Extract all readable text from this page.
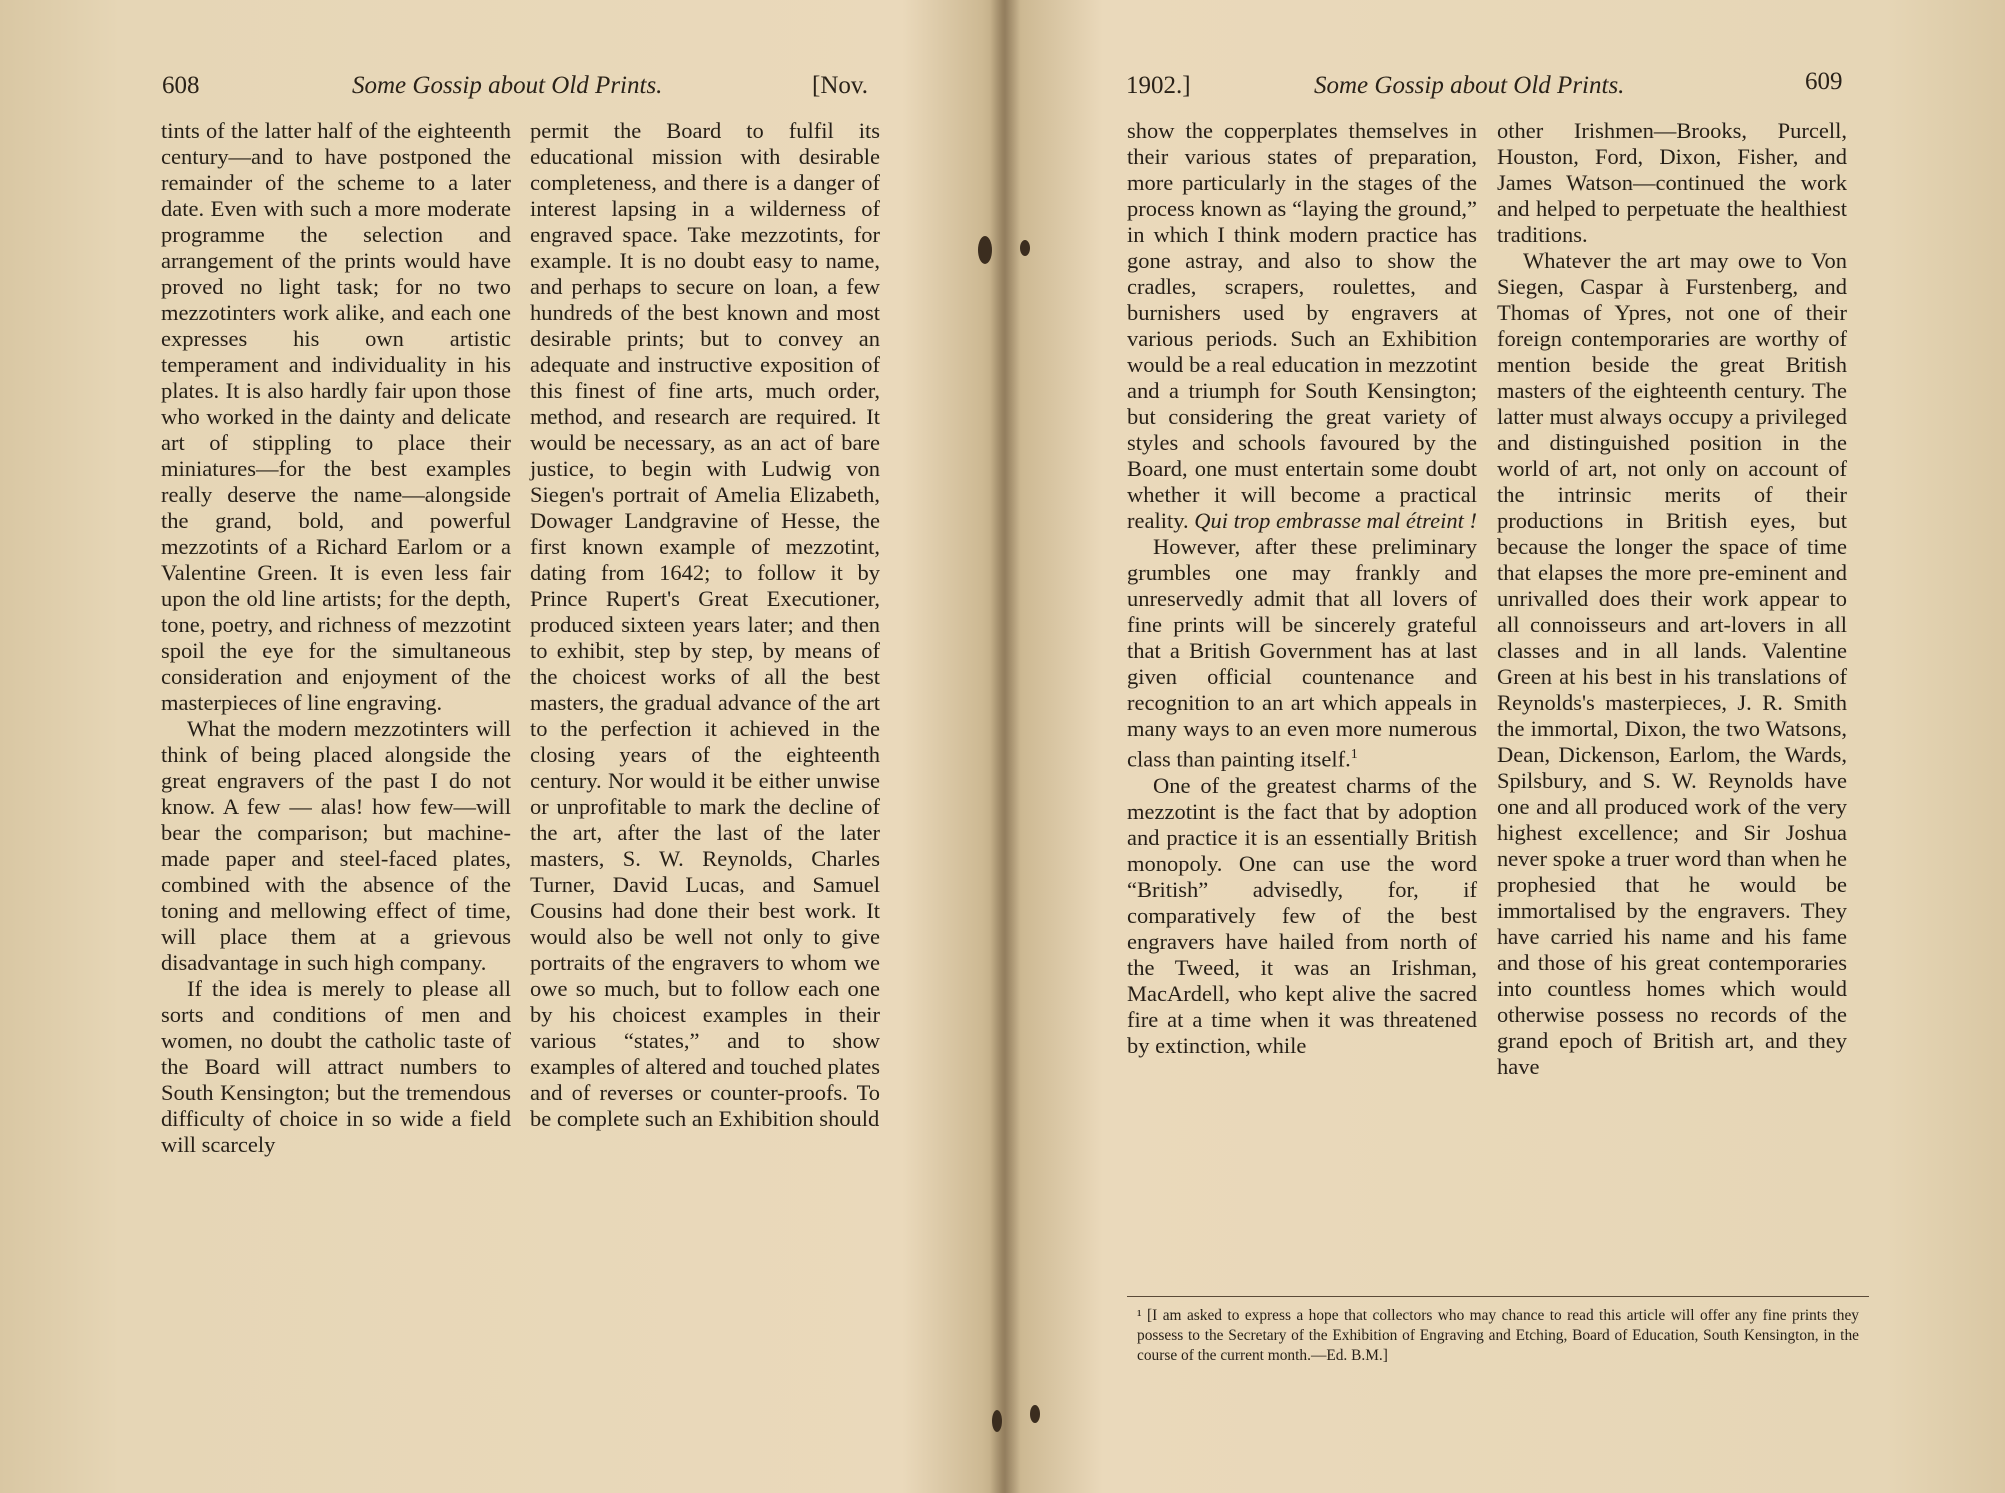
608	Some Gossip about Old Prints.	[Nov.

tints of the latter half of the eighteenth century—and to have postponed the remainder of the scheme to a later date. Even with such a more moderate programme the selection and arrangement of the prints would have proved no light task; for no two mezzotinters work alike, and each one expresses his own artistic temperament and individuality in his plates. It is also hardly fair upon those who worked in the dainty and delicate art of stippling to place their miniatures—for the best examples really deserve the name—alongside the grand, bold, and powerful mezzotints of a Richard Earlom or a Valentine Green. It is even less fair upon the old line artists; for the depth, tone, poetry, and richness of mezzotint spoil the eye for the simultaneous consideration and enjoyment of the masterpieces of line engraving.

What the modern mezzotinters will think of being placed alongside the great engravers of the past I do not know. A few — alas! how few—will bear the comparison; but machine-made paper and steel-faced plates, combined with the absence of the toning and mellowing effect of time, will place them at a grievous disadvantage in such high company.

If the idea is merely to please all sorts and conditions of men and women, no doubt the catholic taste of the Board will attract numbers to South Kensington; but the tremendous difficulty of choice in so wide a field will scarcely

permit the Board to fulfil its educational mission with desirable completeness, and there is a danger of interest lapsing in a wilderness of engraved space. Take mezzotints, for example. It is no doubt easy to name, and perhaps to secure on loan, a few hundreds of the best known and most desirable prints; but to convey an adequate and instructive exposition of this finest of fine arts, much order, method, and research are required. It would be necessary, as an act of bare justice, to begin with Ludwig von Siegen's portrait of Amelia Elizabeth, Dowager Landgravine of Hesse, the first known example of mezzotint, dating from 1642; to follow it by Prince Rupert's Great Executioner, produced sixteen years later; and then to exhibit, step by step, by means of the choicest works of all the best masters, the gradual advance of the art to the perfection it achieved in the closing years of the eighteenth century. Nor would it be either unwise or unprofitable to mark the decline of the art, after the last of the later masters, S. W. Reynolds, Charles Turner, David Lucas, and Samuel Cousins had done their best work. It would also be well not only to give portraits of the engravers to whom we owe so much, but to follow each one by his choicest examples in their various “states,” and to show examples of altered and touched plates and of reverses or counter-proofs. To be complete such an Exhibition should

1902.]	Some Gossip about Old Prints.	609

show the copperplates themselves in their various states of preparation, more particularly in the stages of the process known as “laying the ground,” in which I think modern practice has gone astray, and also to show the cradles, scrapers, roulettes, and burnishers used by engravers at various periods. Such an Exhibition would be a real education in mezzotint and a triumph for South Kensington; but considering the great variety of styles and schools favoured by the Board, one must entertain some doubt whether it will become a practical reality. Qui trop embrasse mal étreint !

However, after these preliminary grumbles one may frankly and unreservedly admit that all lovers of fine prints will be sincerely grateful that a British Government has at last given official countenance and recognition to an art which appeals in many ways to an even more numerous class than painting itself.$^1$

One of the greatest charms of the mezzotint is the fact that by adoption and practice it is an essentially British monopoly. One can use the word “British” advisedly, for, if comparatively few of the best engravers have hailed from north of the Tweed, it was an Irishman, MacArdell, who kept alive the sacred fire at a time when it was threatened by extinction, while

other Irishmen—Brooks, Purcell, Houston, Ford, Dixon, Fisher, and James Watson—continued the work and helped to perpetuate the healthiest traditions.

Whatever the art may owe to Von Siegen, Caspar à Furstenberg, and Thomas of Ypres, not one of their foreign contemporaries are worthy of mention beside the great British masters of the eighteenth century. The latter must always occupy a privileged and distinguished position in the world of art, not only on account of the intrinsic merits of their productions in British eyes, but because the longer the space of time that elapses the more pre-eminent and unrivalled does their work appear to all connoisseurs and art-lovers in all classes and in all lands. Valentine Green at his best in his translations of Reynolds's masterpieces, J. R. Smith the immortal, Dixon, the two Watsons, Dean, Dickenson, Earlom, the Wards, Spilsbury, and S. W. Reynolds have one and all produced work of the very highest excellence; and Sir Joshua never spoke a truer word than when he prophesied that he would be immortalised by the engravers. They have carried his name and his fame and those of his great contemporaries into countless homes which would otherwise possess no records of the grand epoch of British art, and they have

¹ [I am asked to express a hope that collectors who may chance to read this article will offer any fine prints they possess to the Secretary of the Exhibition of Engraving and Etching, Board of Education, South Kensington, in the course of the current month.—Ed. B.M.]
